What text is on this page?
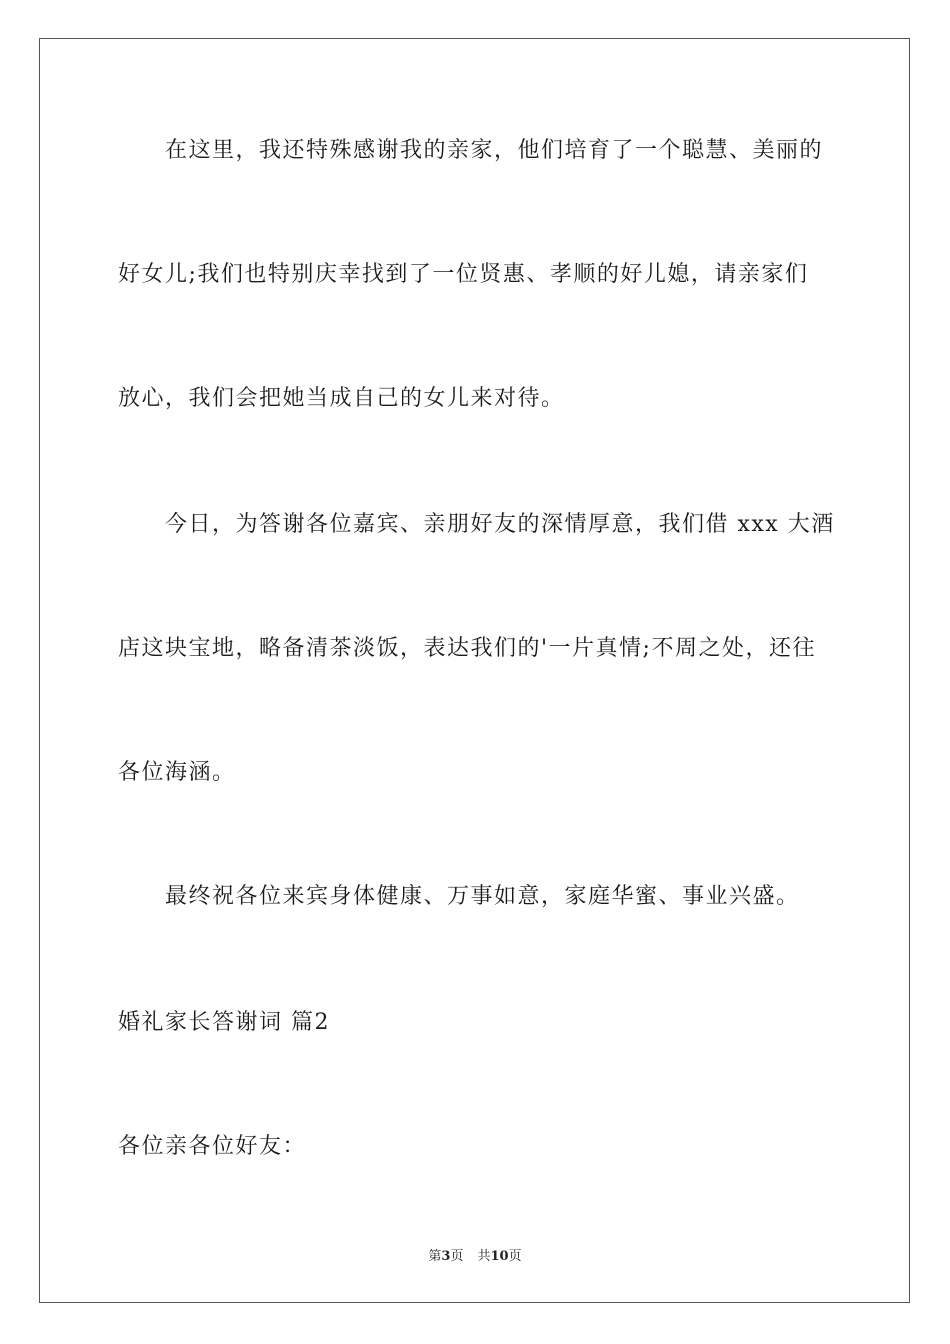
在这里，我还特殊感谢我的亲家，他们培育了一个聪慧、美丽的
好女儿;我们也特别庆幸找到了一位贤惠、孝顺的好儿媳，请亲家们
放心，我们会把她当成自己的女儿来对待。
今日，为答谢各位嘉宾、亲朋好友的深情厚意，我们借 xxx 大酒
店这块宝地，略备清茶淡饭，表达我们的'一片真情;不周之处，还往
各位海涵。
最终祝各位来宾身体健康、万事如意，家庭华蜜、事业兴盛。
婚礼家长答谢词 篇2
各位亲各位好友：
第3页 共10页
